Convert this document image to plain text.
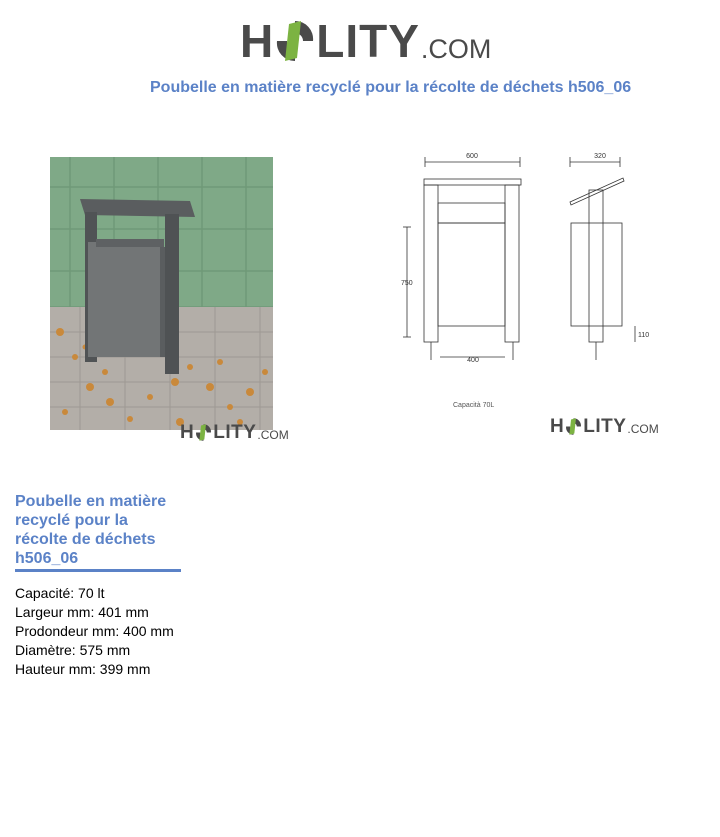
H LITY .COM
Poubelle en matière recyclé pour la récolte de déchets h506_06
600	320
750
400
110
Capacità 70L
H LITY .COM	H LITY .COM
Poubelle en matière recyclé pour la récolte de déchets h506_06
Capacité: 70 lt
Largeur mm: 401 mm
Prodondeur mm: 400 mm
Diamètre: 575 mm
Hauteur mm: 399 mm
